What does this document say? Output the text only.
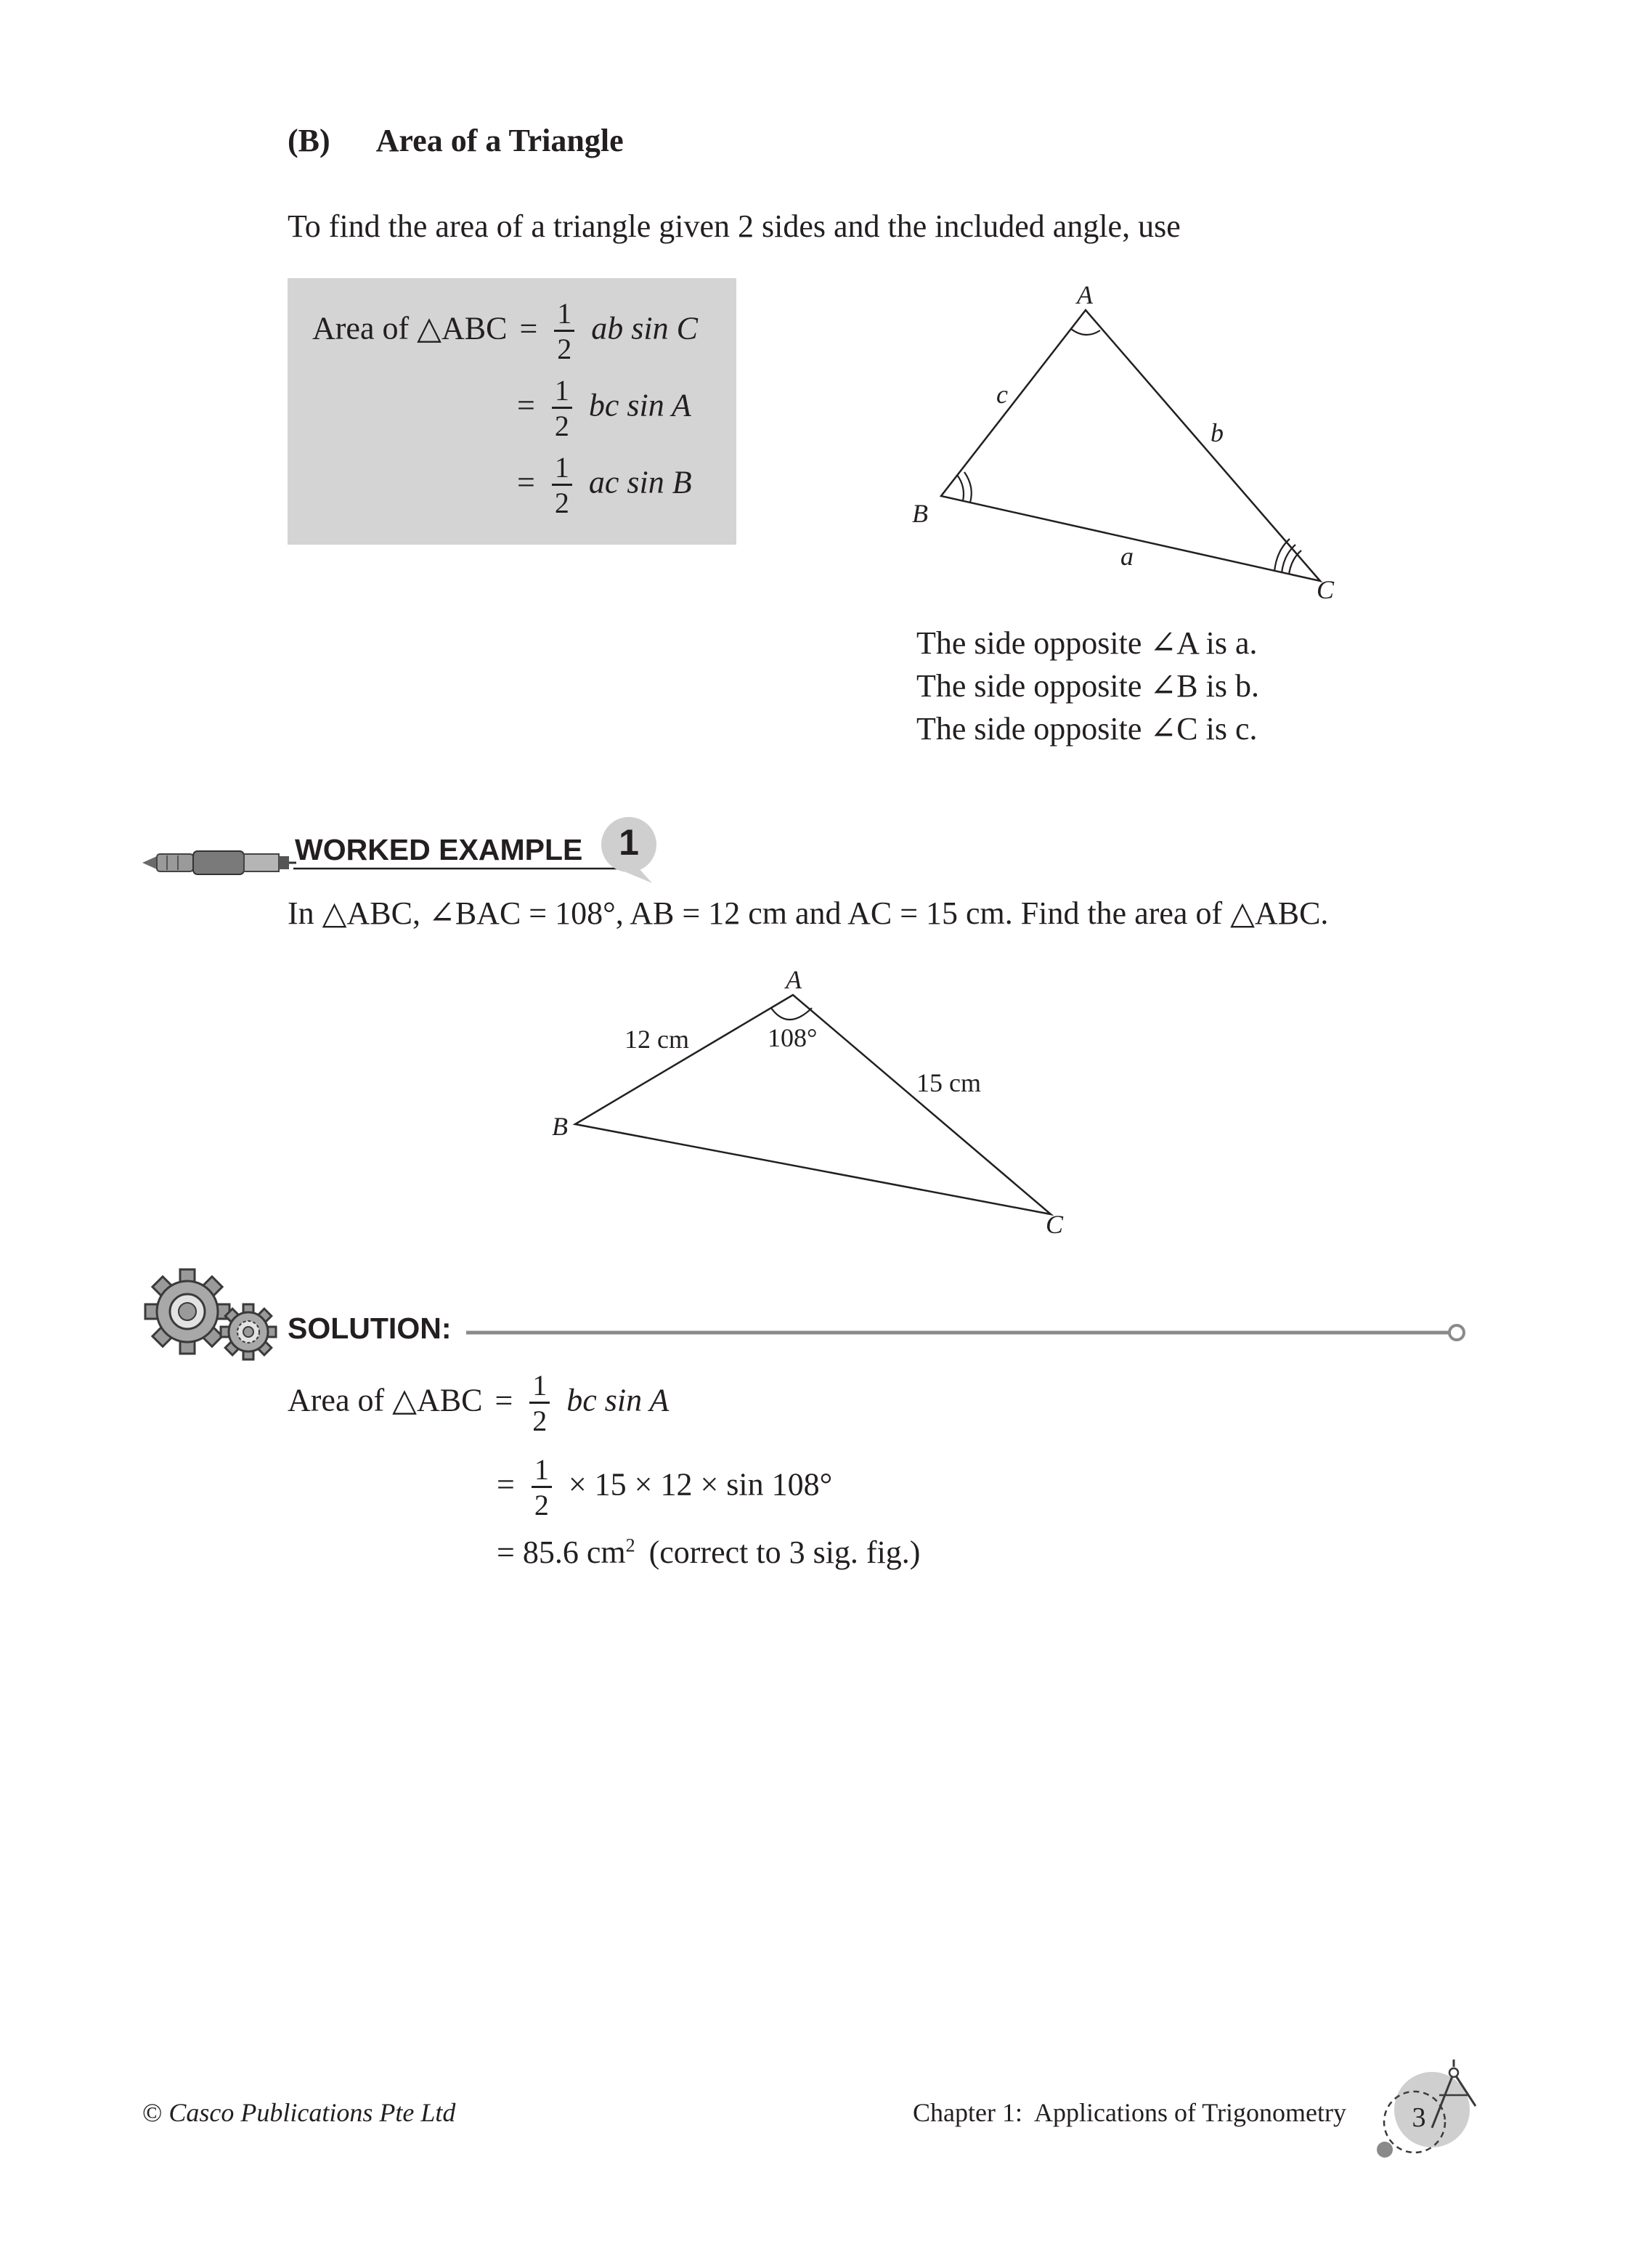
(B) Area of a Triangle
To find the area of a triangle given 2 sides and the included angle, use
Area of △ABC = $\frac{1}{2}$ ab sin C
= $\frac{1}{2}$ bc sin A
= $\frac{1}{2}$ ac sin B
A
B
C
c
b
a
The side opposite ∠A is a.
The side opposite ∠B is b.
The side opposite ∠C is c.
WORKED EXAMPLE 1
In △ABC, ∠BAC = 108°, AB = 12 cm and AC = 15 cm. Find the area of △ABC.
A
B
C
12 cm	108°
15 cm
SOLUTION:
Area of △ABC = $\frac{1}{2}$ bc sin A
= $\frac{1}{2} \times 15 \times 12 \times \sin 108^\circ$
= 85.6 $cm^2$ (correct to 3 sig. fig.)
© Casco Publications Pte Ltd	Chapter 1:  Applications of Trigonometry 3
